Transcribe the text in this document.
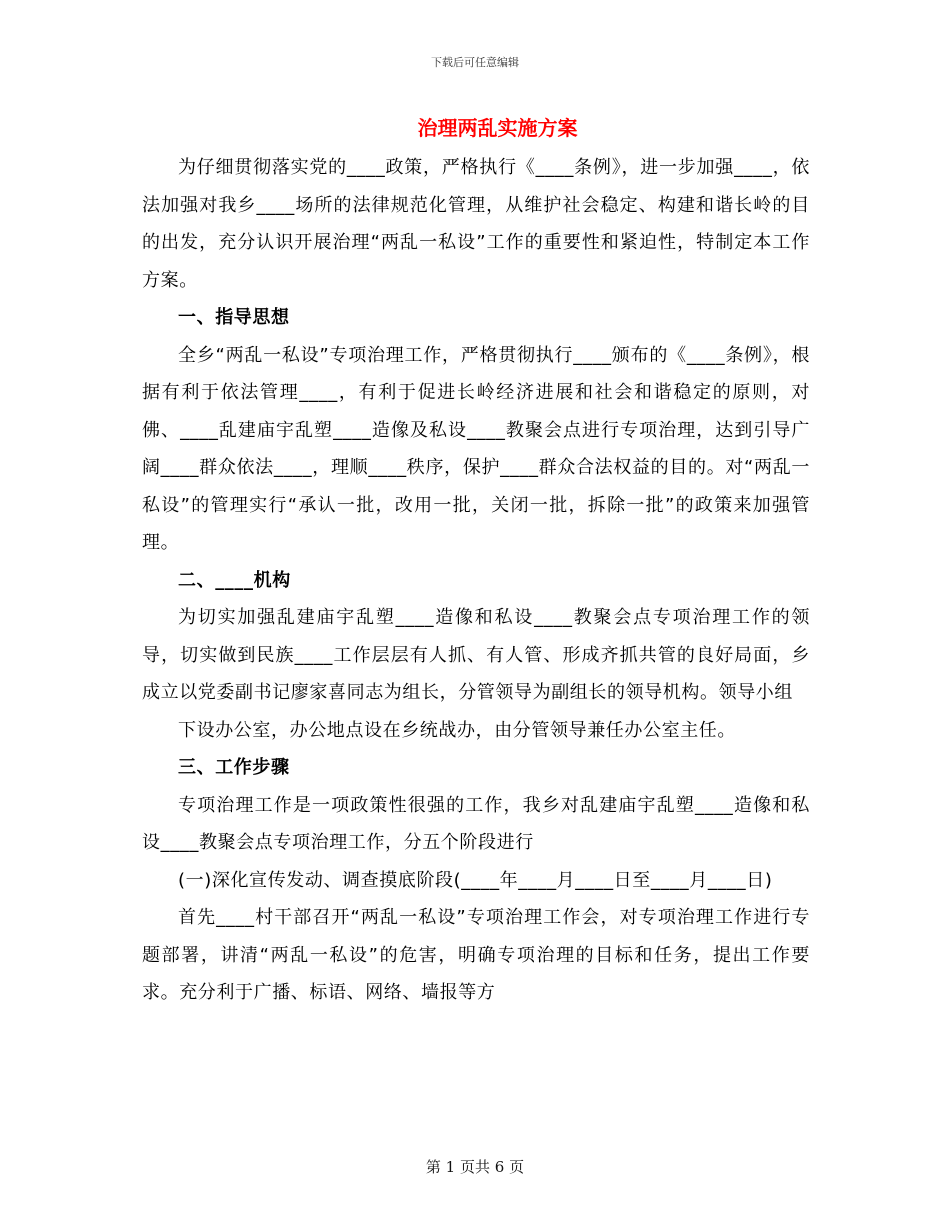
下载后可任意编辑
治理两乱实施方案

为仔细贯彻落实党的____政策，严格执行《____条例》，进一步加强____，依法加强对我乡____场所的法律规范化管理，从维护社会稳定、构建和谐长岭的目的出发，充分认识开展治理“两乱一私设”工作的重要性和紧迫性，特制定本工作方案。

一、指导思想

全乡“两乱一私设”专项治理工作，严格贯彻执行____颁布的《____条例》，根据有利于依法管理____，有利于促进长岭经济进展和社会和谐稳定的原则，对佛、____乱建庙宇乱塑____造像及私设____教聚会点进行专项治理，达到引导广阔____群众依法____，理顺____秩序，保护____群众合法权益的目的。对“两乱一私设”的管理实行“承认一批，改用一批，关闭一批，拆除一批”的政策来加强管理。

二、____机构

为切实加强乱建庙宇乱塑____造像和私设____教聚会点专项治理工作的领导，切实做到民族____工作层层有人抓、有人管、形成齐抓共管的良好局面，乡成立以党委副书记廖家喜同志为组长，分管领导为副组长的领导机构。领导小组

下设办公室，办公地点设在乡统战办，由分管领导兼任办公室主任。

三、工作步骤

专项治理工作是一项政策性很强的工作，我乡对乱建庙宇乱塑____造像和私设____教聚会点专项治理工作，分五个阶段进行

(一)深化宣传发动、调查摸底阶段(____年____月____日至____月____日)

首先____村干部召开“两乱一私设”专项治理工作会，对专项治理工作进行专题部署，讲清“两乱一私设”的危害，明确专项治理的目标和任务，提出工作要求。充分利于广播、标语、网络、墙报等方

第 1 页共 6 页
